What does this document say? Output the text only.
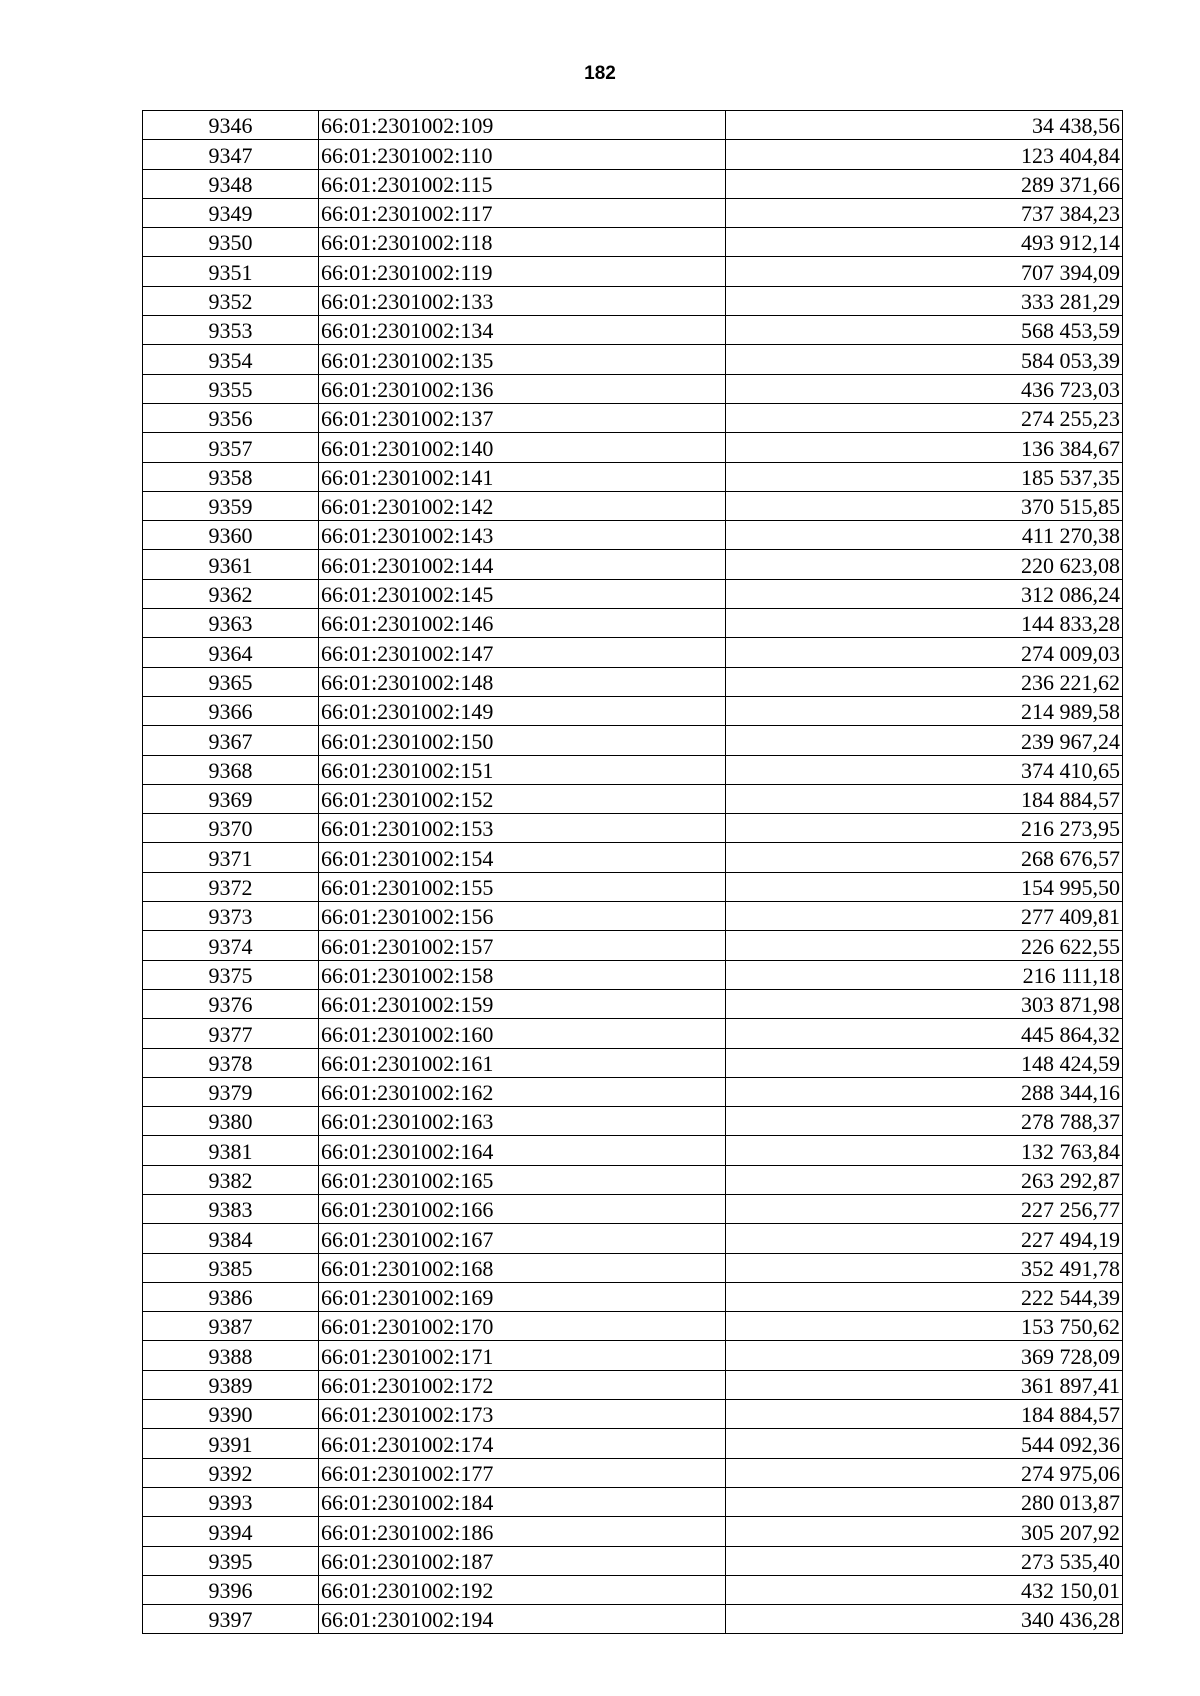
182
9346	66:01:2301002:109	34 438,56
9347	66:01:2301002:110	123 404,84
9348	66:01:2301002:115	289 371,66
9349	66:01:2301002:117	737 384,23
9350	66:01:2301002:118	493 912,14
9351	66:01:2301002:119	707 394,09
9352	66:01:2301002:133	333 281,29
9353	66:01:2301002:134	568 453,59
9354	66:01:2301002:135	584 053,39
9355	66:01:2301002:136	436 723,03
9356	66:01:2301002:137	274 255,23
9357	66:01:2301002:140	136 384,67
9358	66:01:2301002:141	185 537,35
9359	66:01:2301002:142	370 515,85
9360	66:01:2301002:143	411 270,38
9361	66:01:2301002:144	220 623,08
9362	66:01:2301002:145	312 086,24
9363	66:01:2301002:146	144 833,28
9364	66:01:2301002:147	274 009,03
9365	66:01:2301002:148	236 221,62
9366	66:01:2301002:149	214 989,58
9367	66:01:2301002:150	239 967,24
9368	66:01:2301002:151	374 410,65
9369	66:01:2301002:152	184 884,57
9370	66:01:2301002:153	216 273,95
9371	66:01:2301002:154	268 676,57
9372	66:01:2301002:155	154 995,50
9373	66:01:2301002:156	277 409,81
9374	66:01:2301002:157	226 622,55
9375	66:01:2301002:158	216 111,18
9376	66:01:2301002:159	303 871,98
9377	66:01:2301002:160	445 864,32
9378	66:01:2301002:161	148 424,59
9379	66:01:2301002:162	288 344,16
9380	66:01:2301002:163	278 788,37
9381	66:01:2301002:164	132 763,84
9382	66:01:2301002:165	263 292,87
9383	66:01:2301002:166	227 256,77
9384	66:01:2301002:167	227 494,19
9385	66:01:2301002:168	352 491,78
9386	66:01:2301002:169	222 544,39
9387	66:01:2301002:170	153 750,62
9388	66:01:2301002:171	369 728,09
9389	66:01:2301002:172	361 897,41
9390	66:01:2301002:173	184 884,57
9391	66:01:2301002:174	544 092,36
9392	66:01:2301002:177	274 975,06
9393	66:01:2301002:184	280 013,87
9394	66:01:2301002:186	305 207,92
9395	66:01:2301002:187	273 535,40
9396	66:01:2301002:192	432 150,01
9397	66:01:2301002:194	340 436,28
